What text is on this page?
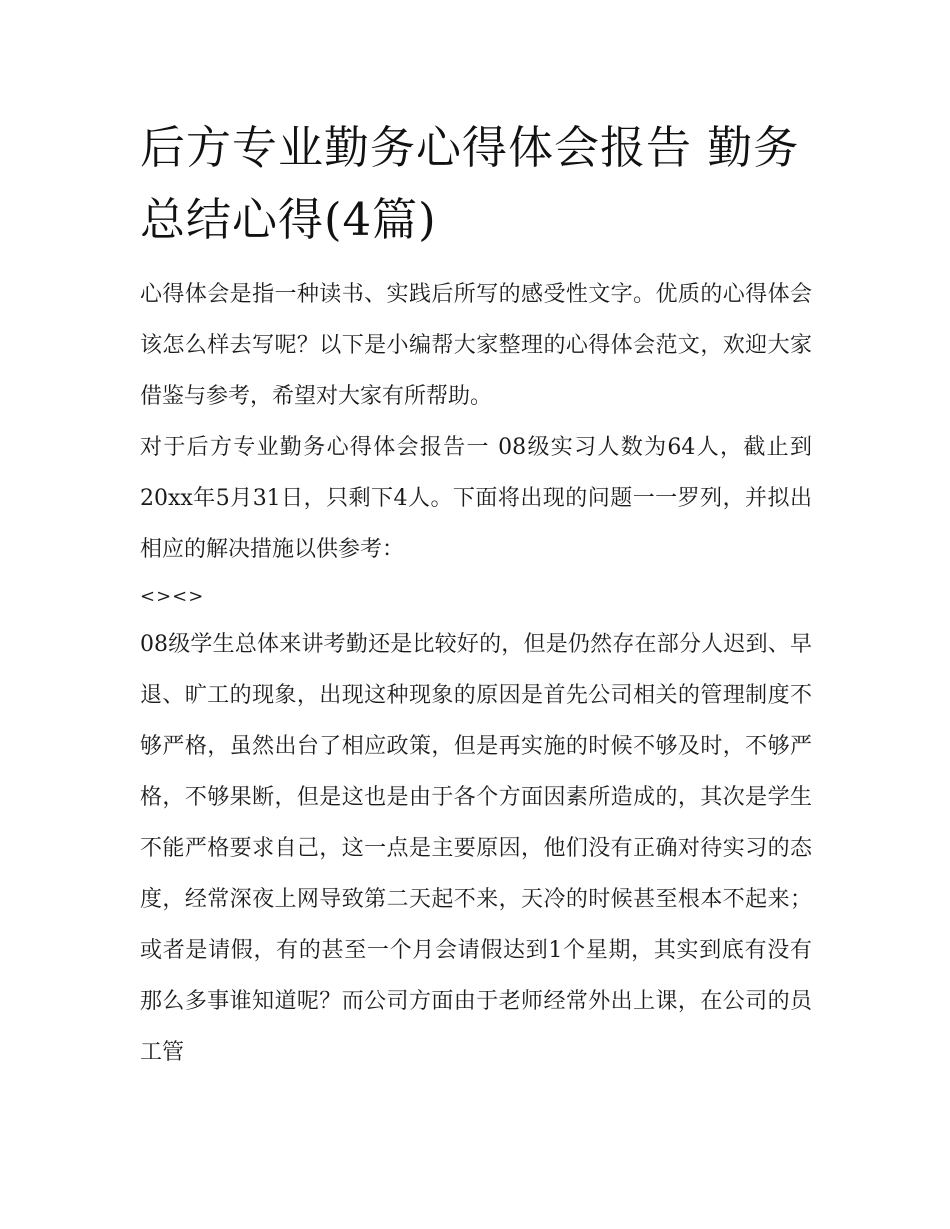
后方专业勤务心得体会报告 勤务总结心得(4篇)

心得体会是指一种读书、实践后所写的感受性文字。优质的心得体会该怎么样去写呢？以下是小编帮大家整理的心得体会范文，欢迎大家借鉴与参考，希望对大家有所帮助。

对于后方专业勤务心得体会报告一 08级实习人数为64人，截止到20xx年5月31日，只剩下4人。下面将出现的问题一一罗列，并拟出相应的解决措施以供参考：

<><>

08级学生总体来讲考勤还是比较好的，但是仍然存在部分人迟到、早退、旷工的现象，出现这种现象的原因是首先公司相关的管理制度不够严格，虽然出台了相应政策，但是再实施的时候不够及时，不够严格，不够果断，但是这也是由于各个方面因素所造成的，其次是学生不能严格要求自己，这一点是主要原因，他们没有正确对待实习的态度，经常深夜上网导致第二天起不来，天冷的时候甚至根本不起来；或者是请假，有的甚至一个月会请假达到1个星期，其实到底有没有那么多事谁知道呢？而公司方面由于老师经常外出上课，在公司的员工管
